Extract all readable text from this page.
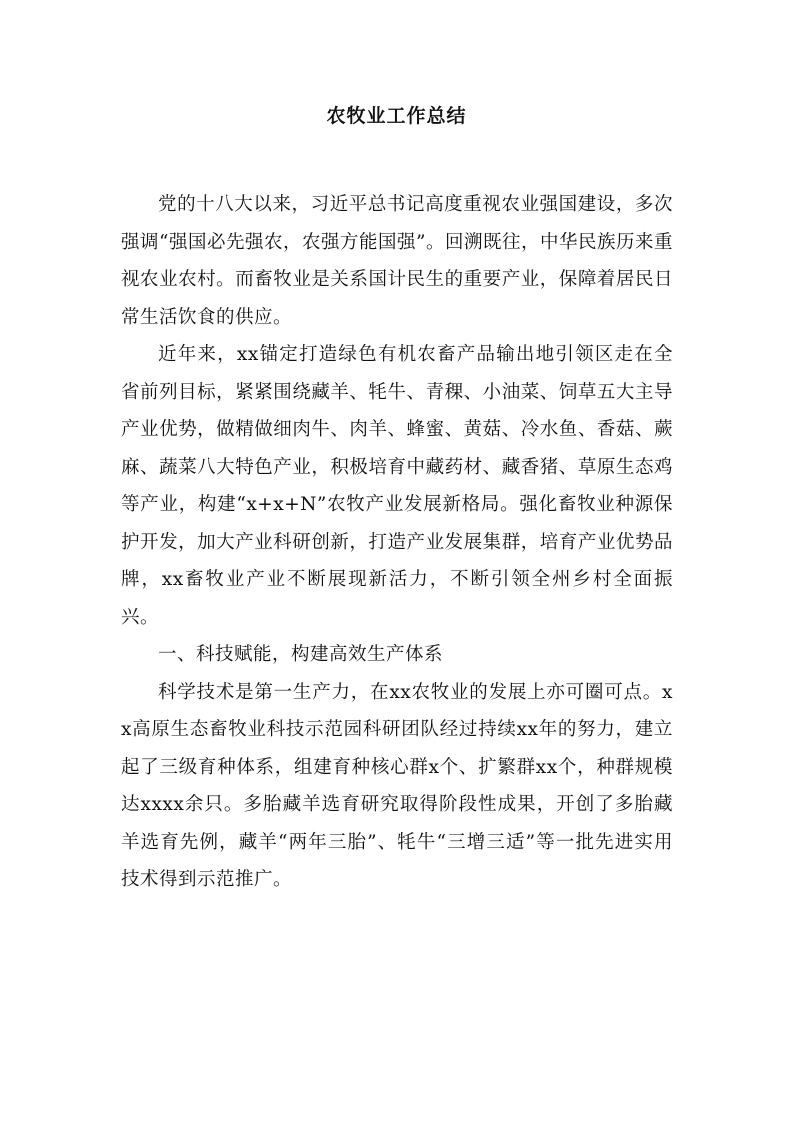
农牧业工作总结

党的十八大以来，习近平总书记高度重视农业强国建设，多次强调“强国必先强农，农强方能国强”。回溯既往，中华民族历来重视农业农村。而畜牧业是关系国计民生的重要产业，保障着居民日常生活饮食的供应。

近年来，xx锚定打造绿色有机农畜产品输出地引领区走在全省前列目标，紧紧围绕藏羊、牦牛、青稞、小油菜、饲草五大主导产业优势，做精做细肉牛、肉羊、蜂蜜、黄菇、冷水鱼、香菇、蕨麻、蔬菜八大特色产业，积极培育中藏药材、藏香猪、草原生态鸡等产业，构建“x+x+N”农牧产业发展新格局。强化畜牧业种源保护开发，加大产业科研创新，打造产业发展集群，培育产业优势品牌，xx畜牧业产业不断展现新活力，不断引领全州乡村全面振兴。

一、科技赋能，构建高效生产体系

科学技术是第一生产力，在xx农牧业的发展上亦可圈可点。xx高原生态畜牧业科技示范园科研团队经过持续xx年的努力，建立起了三级育种体系，组建育种核心群x个、扩繁群xx个，种群规模达xxxx余只。多胎藏羊选育研究取得阶段性成果，开创了多胎藏羊选育先例，藏羊“两年三胎”、牦牛“三增三适”等一批先进实用技术得到示范推广。
